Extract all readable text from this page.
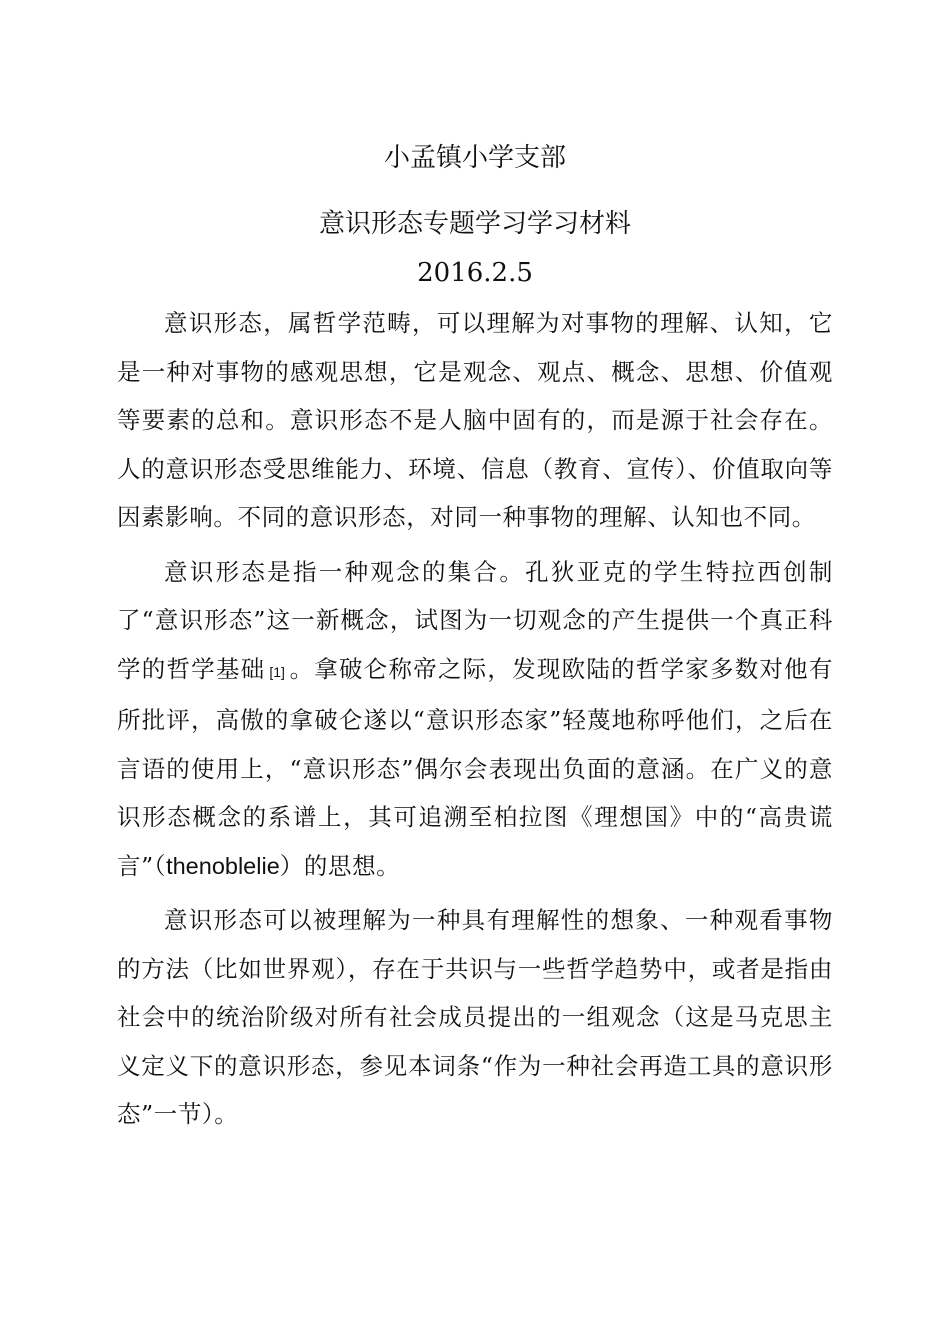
小孟镇小学支部
意识形态专题学习学习材料
2016.2.5

意识形态，属哲学范畴，可以理解为对事物的理解、认知，它是一种对事物的感观思想，它是观念、观点、概念、思想、价值观等要素的总和。意识形态不是人脑中固有的，而是源于社会存在。人的意识形态受思维能力、环境、信息（教育、宣传）、价值取向等因素影响。不同的意识形态，对同一种事物的理解、认知也不同。

意识形态是指一种观念的集合。孔狄亚克的学生特拉西创制了“意识形态”这一新概念，试图为一切观念的产生提供一个真正科学的哲学基础 [1] 。拿破仑称帝之际，发现欧陆的哲学家多数对他有所批评，高傲的拿破仑遂以“意识形态家”轻蔑地称呼他们，之后在言语的使用上，“意识形态”偶尔会表现出负面的意涵。在广义的意识形态概念的系谱上，其可追溯至柏拉图《理想国》中的“高贵谎言”（thenoblelie）的思想。

意识形态可以被理解为一种具有理解性的想象、一种观看事物的方法（比如世界观），存在于共识与一些哲学趋势中，或者是指由社会中的统治阶级对所有社会成员提出的一组观念（这是马克思主义定义下的意识形态，参见本词条“作为一种社会再造工具的意识形态”一节）。
